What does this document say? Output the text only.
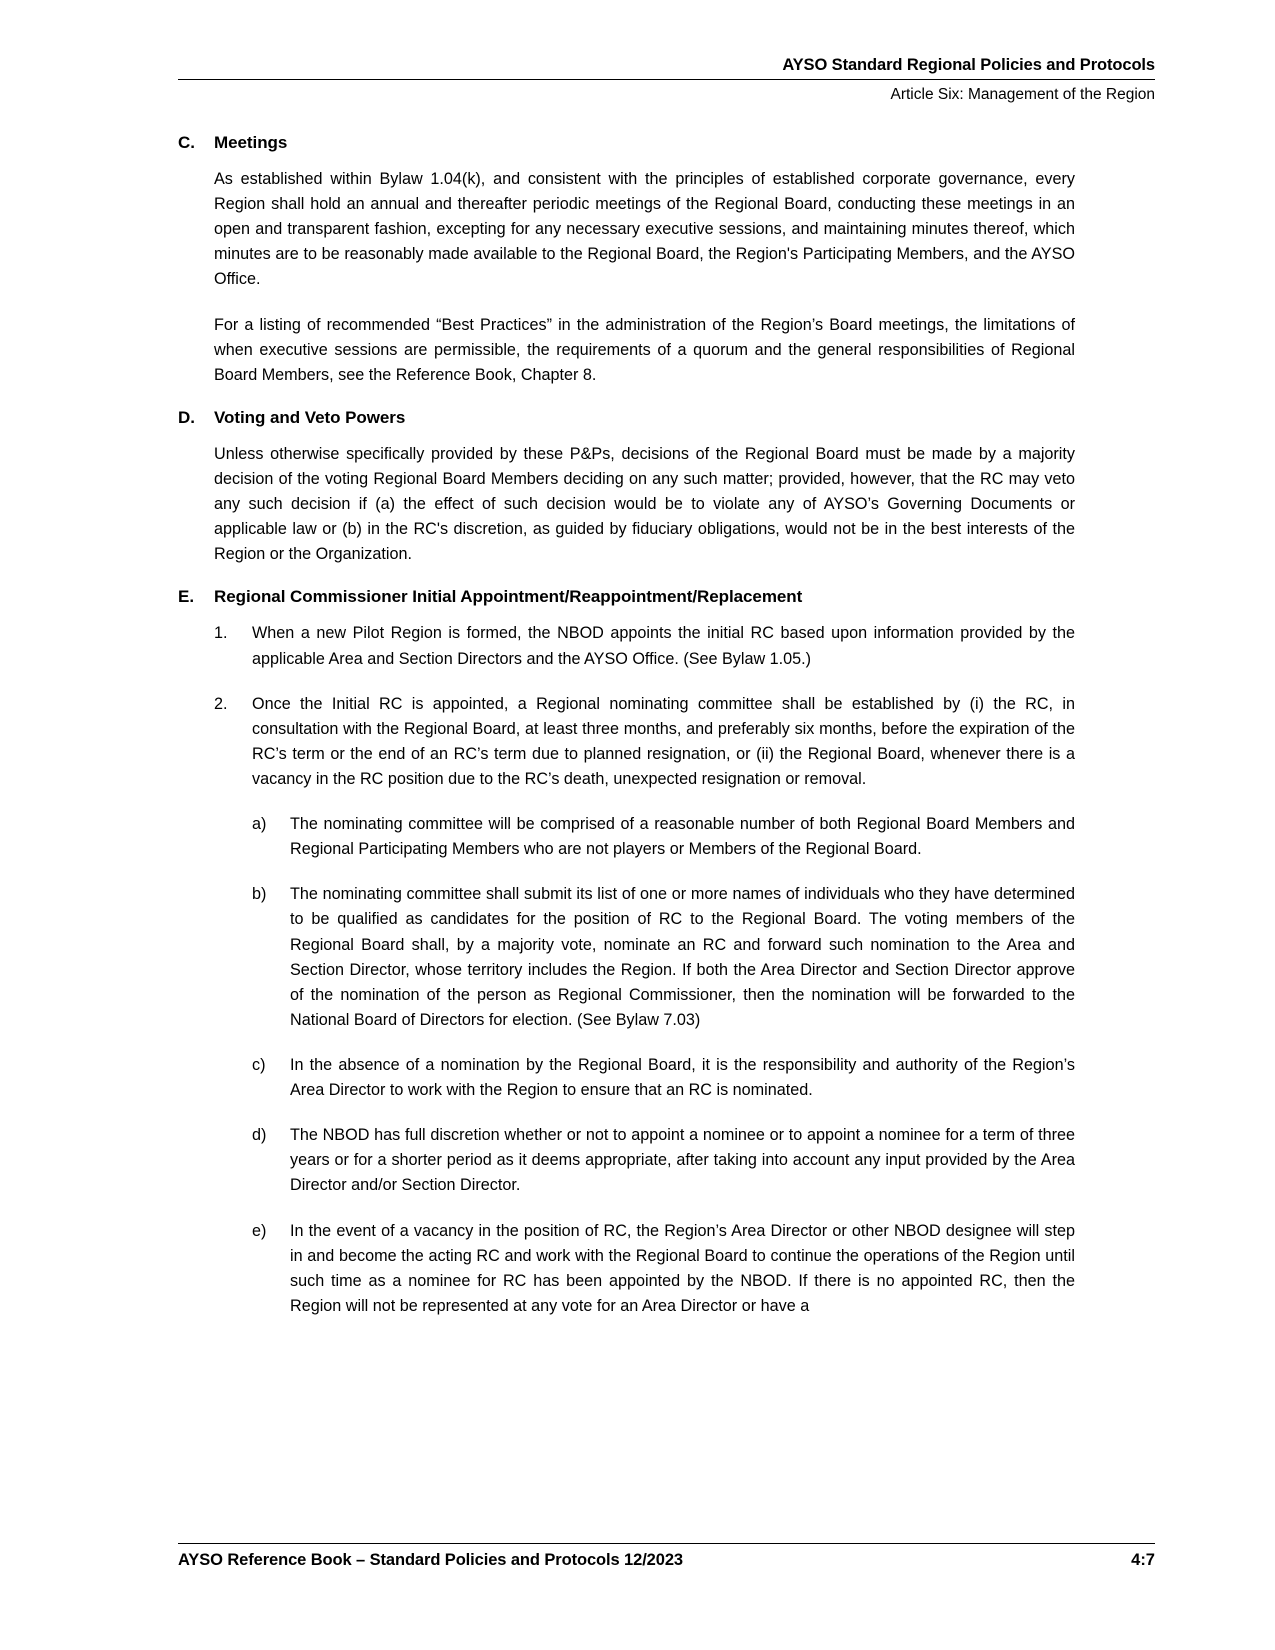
AYSO Standard Regional Policies and Protocols
Article Six: Management of the Region
C.	Meetings

As established within Bylaw 1.04(k), and consistent with the principles of established corporate governance, every Region shall hold an annual and thereafter periodic meetings of the Regional Board, conducting these meetings in an open and transparent fashion, excepting for any necessary executive sessions, and maintaining minutes thereof, which minutes are to be reasonably made available to the Regional Board, the Region's Participating Members, and the AYSO Office.

For a listing of recommended “Best Practices” in the administration of the Region’s Board meetings, the limitations of when executive sessions are permissible, the requirements of a quorum and the general responsibilities of Regional Board Members, see the Reference Book, Chapter 8.

D.	Voting and Veto Powers

Unless otherwise specifically provided by these P&Ps, decisions of the Regional Board must be made by a majority decision of the voting Regional Board Members deciding on any such matter; provided, however, that the RC may veto any such decision if (a) the effect of such decision would be to violate any of AYSO’s Governing Documents or applicable law or (b) in the RC's discretion, as guided by fiduciary obligations, would not be in the best interests of the Region or the Organization.

E.	Regional Commissioner Initial Appointment/Reappointment/Replacement
1.	When a new Pilot Region is formed, the NBOD appoints the initial RC based upon information provided by the applicable Area and Section Directors and the AYSO Office. (See Bylaw 1.05.)
2.	Once the Initial RC is appointed, a Regional nominating committee shall be established by (i) the RC, in consultation with the Regional Board, at least three months, and preferably six months, before the expiration of the RC’s term or the end of an RC’s term due to planned resignation, or (ii) the Regional Board, whenever there is a vacancy in the RC position due to the RC’s death, unexpected resignation or removal.
a)	The nominating committee will be comprised of a reasonable number of both Regional Board Members and Regional Participating Members who are not players or Members of the Regional Board.
b)	The nominating committee shall submit its list of one or more names of individuals who they have determined to be qualified as candidates for the position of RC to the Regional Board. The voting members of the Regional Board shall, by a majority vote, nominate an RC and forward such nomination to the Area and Section Director, whose territory includes the Region. If both the Area Director and Section Director approve of the nomination of the person as Regional Commissioner, then the nomination will be forwarded to the National Board of Directors for election. (See Bylaw 7.03)
c)	In the absence of a nomination by the Regional Board, it is the responsibility and authority of the Region’s Area Director to work with the Region to ensure that an RC is nominated.
d)	The NBOD has full discretion whether or not to appoint a nominee or to appoint a nominee for a term of three years or for a shorter period as it deems appropriate, after taking into account any input provided by the Area Director and/or Section Director.
e)	In the event of a vacancy in the position of RC, the Region’s Area Director or other NBOD designee will step in and become the acting RC and work with the Regional Board to continue the operations of the Region until such time as a nominee for RC has been appointed by the NBOD. If there is no appointed RC, then the Region will not be represented at any vote for an Area Director or have a
AYSO Reference Book – Standard Policies and Protocols 12/2023	4:7
